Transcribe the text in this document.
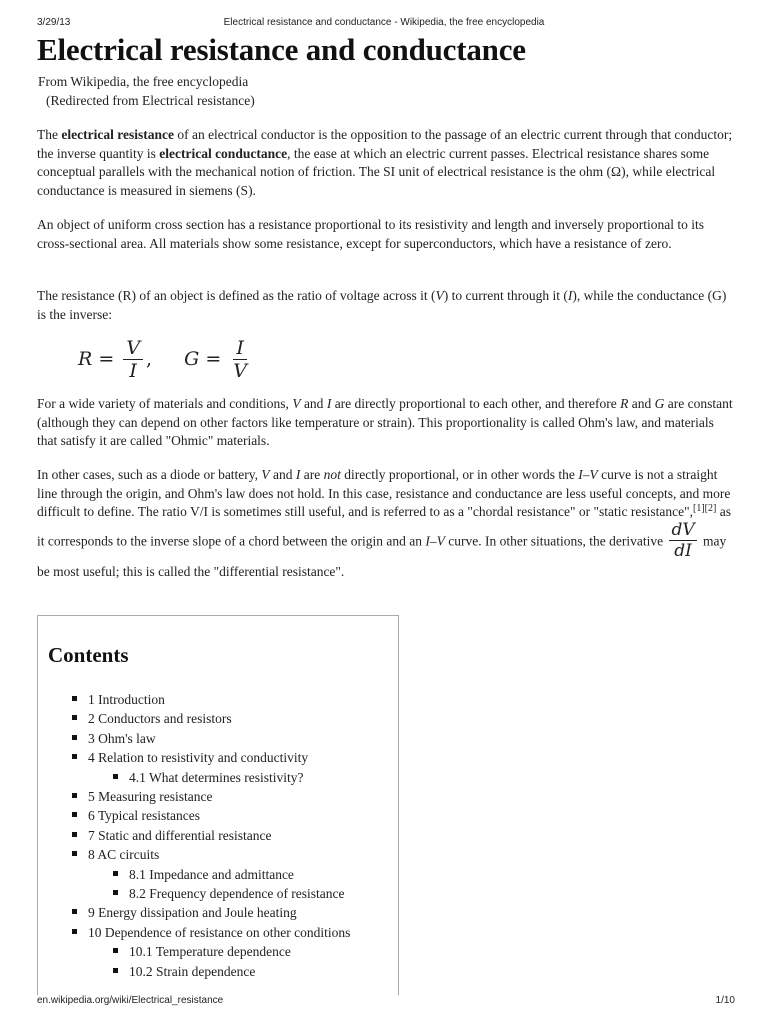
3/29/13	Electrical resistance and conductance - Wikipedia, the free encyclopedia
Electrical resistance and conductance
From Wikipedia, the free encyclopedia
(Redirected from Electrical resistance)

The electrical resistance of an electrical conductor is the opposition to the passage of an electric current through that conductor; the inverse quantity is electrical conductance, the ease at which an electric current passes. Electrical resistance shares some conceptual parallels with the mechanical notion of friction. The SI unit of electrical resistance is the ohm (Ω), while electrical conductance is measured in siemens (S).

An object of uniform cross section has a resistance proportional to its resistivity and length and inversely proportional to its cross-sectional area. All materials show some resistance, except for superconductors, which have a resistance of zero.

The resistance (R) of an object is defined as the ratio of voltage across it (V) to current through it (I), while the conductance (G) is the inverse:

$R = \frac{V}{I}$ , $G = \frac{I}{V}$

For a wide variety of materials and conditions, V and I are directly proportional to each other, and therefore R and G are constant (although they can depend on other factors like temperature or strain). This proportionality is called Ohm's law, and materials that satisfy it are called "Ohmic" materials.

In other cases, such as a diode or battery, V and I are not directly proportional, or in other words the I–V curve is not a straight line through the origin, and Ohm's law does not hold. In this case, resistance and conductance are less useful concepts, and more difficult to define. The ratio V/I is sometimes still useful, and is referred to as a "chordal resistance" or "static resistance",[1][2] as it corresponds to the inverse slope of a chord between the origin and an I–V curve. In other situations, the derivative $\frac{dV}{dI}$ may be most useful; this is called the "differential resistance".

Contents
1 Introduction
2 Conductors and resistors
3 Ohm's law
4 Relation to resistivity and conductivity
4.1 What determines resistivity?
5 Measuring resistance
6 Typical resistances
7 Static and differential resistance
8 AC circuits
8.1 Impedance and admittance
8.2 Frequency dependence of resistance
9 Energy dissipation and Joule heating
10 Dependence of resistance on other conditions
10.1 Temperature dependence
10.2 Strain dependence
en.wikipedia.org/wiki/Electrical_resistance	1/10
